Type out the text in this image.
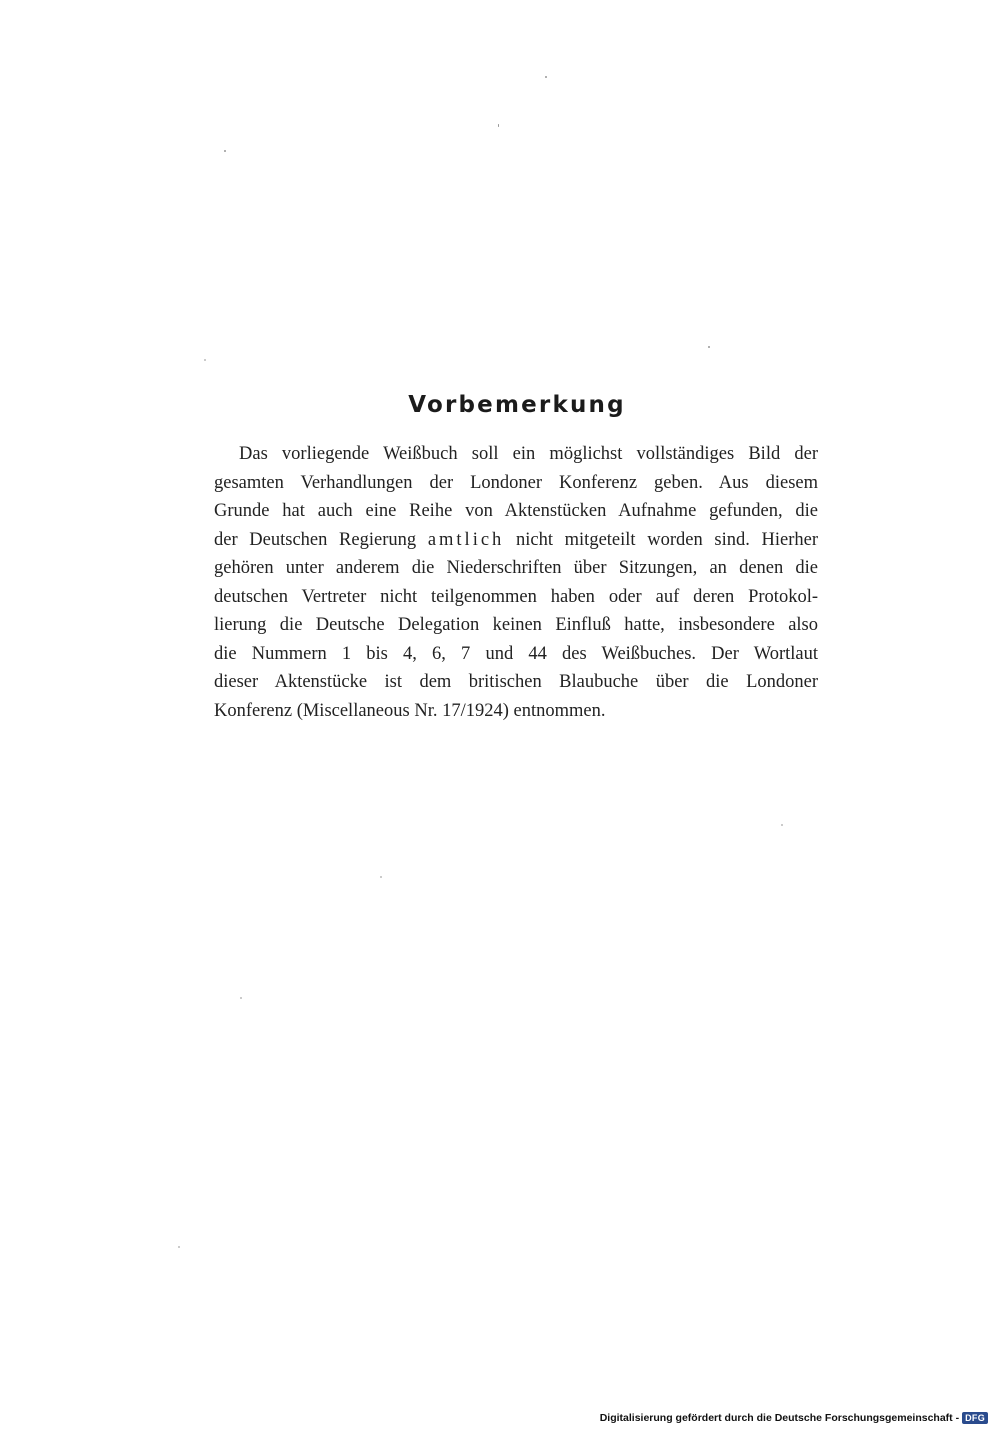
Vorbemerkung
Das vorliegende Weißbuch soll ein möglichst vollständiges Bild der
gesamten Verhandlungen der Londoner Konferenz geben. Aus diesem
Grunde hat auch eine Reihe von Aktenstücken Aufnahme gefunden, die
der Deutschen Regierung amtlich nicht mitgeteilt worden sind. Hierher
gehören unter anderem die Niederschriften über Sitzungen, an denen die
deutschen Vertreter nicht teilgenommen haben oder auf deren Protokol-
lierung die Deutsche Delegation keinen Einfluß hatte, insbesondere also
die Nummern 1 bis 4, 6, 7 und 44 des Weißbuches. Der Wortlaut
dieser Aktenstücke ist dem britischen Blaubuche über die Londoner
Konferenz (Miscellaneous Nr. 17/1924) entnommen.
Digitalisierung gefördert durch die Deutsche Forschungsgemeinschaft - DFG
